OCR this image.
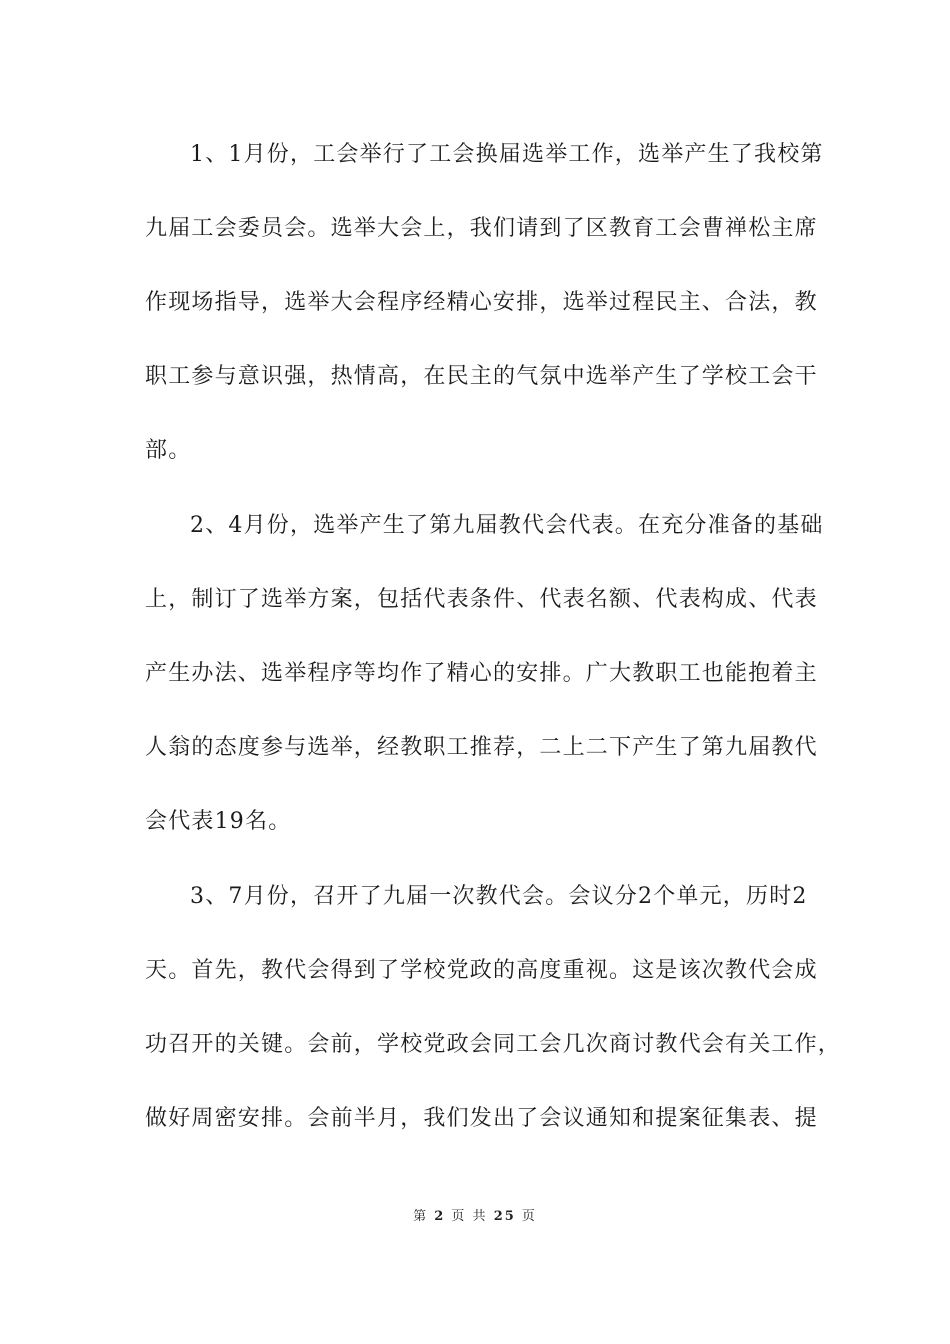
1、1月份，工会举行了工会换届选举工作，选举产生了我校第
九届工会委员会。选举大会上，我们请到了区教育工会曹禅松主席
作现场指导，选举大会程序经精心安排，选举过程民主、合法，教
职工参与意识强，热情高，在民主的气氛中选举产生了学校工会干
部。
2、4月份，选举产生了第九届教代会代表。在充分准备的基础
上，制订了选举方案，包括代表条件、代表名额、代表构成、代表
产生办法、选举程序等均作了精心的安排。广大教职工也能抱着主
人翁的态度参与选举，经教职工推荐，二上二下产生了第九届教代
会代表19名。
3、7月份，召开了九届一次教代会。会议分2个单元，历时2
天。首先，教代会得到了学校党政的高度重视。这是该次教代会成
功召开的关键。会前，学校党政会同工会几次商讨教代会有关工作，
做好周密安排。会前半月，我们发出了会议通知和提案征集表、提
第 2 页 共 25 页
